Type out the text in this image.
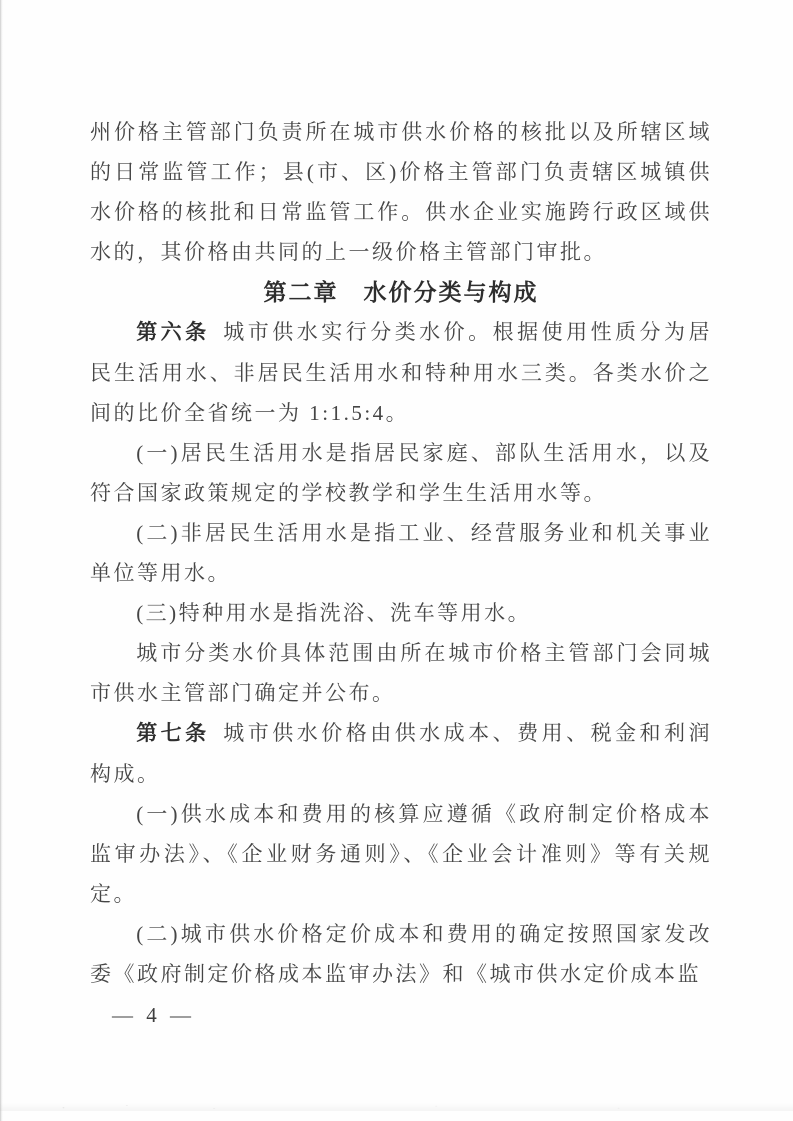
州价格主管部门负责所在城市供水价格的核批以及所辖区域的日常监管工作；县(市、区)价格主管部门负责辖区城镇供水价格的核批和日常监管工作。供水企业实施跨行政区域供水的，其价格由共同的上一级价格主管部门审批。

第二章　水价分类与构成

第六条 城市供水实行分类水价。根据使用性质分为居民生活用水、非居民生活用水和特种用水三类。各类水价之间的比价全省统一为 1:1.5:4。

(一)居民生活用水是指居民家庭、部队生活用水，以及符合国家政策规定的学校教学和学生生活用水等。

(二)非居民生活用水是指工业、经营服务业和机关事业单位等用水。

(三)特种用水是指洗浴、洗车等用水。

城市分类水价具体范围由所在城市价格主管部门会同城市供水主管部门确定并公布。

第七条 城市供水价格由供水成本、费用、税金和利润构成。

(一)供水成本和费用的核算应遵循《政府制定价格成本监审办法》、《企业财务通则》、《企业会计准则》等有关规定。

(二)城市供水价格定价成本和费用的确定按照国家发改委《政府制定价格成本监审办法》和《城市供水定价成本监

— 4 —
